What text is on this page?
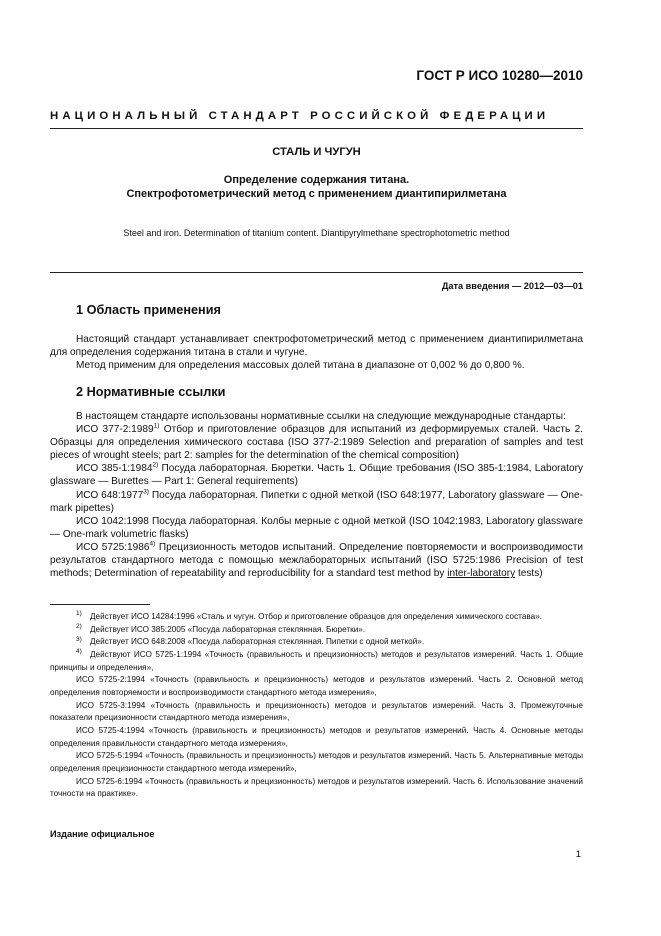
ГОСТ Р ИСО 10280—2010
НАЦИОНАЛЬНЫЙ СТАНДАРТ РОССИЙСКОЙ ФЕДЕРАЦИИ
СТАЛЬ И ЧУГУН
Определение содержания титана.
Спектрофотометрический метод с применением диантипирилметана
Steel and iron. Determination of titanium content. Diantipyrylmethane spectrophotometric method
Дата введения — 2012—03—01
1 Область применения

Настоящий стандарт устанавливает спектрофотометрический метод с применением диантипирилметана для определения содержания титана в стали и чугуне.

Метод применим для определения массовых долей титана в диапазоне от 0,002 % до 0,800 %.

2 Нормативные ссылки

В настоящем стандарте использованы нормативные ссылки на следующие международные стандарты:

ИСО 377-2:1989$^{1)}$ Отбор и приготовление образцов для испытаний из деформируемых сталей. Часть 2. Образцы для определения химического состава (ISO 377-2:1989 Selection and preparation of samples and test pieces of wrought steels; part 2: samples for the determination of the chemical composition)

ИСО 385-1:1984$^{2)}$ Посуда лабораторная. Бюретки. Часть 1. Общие требования (ISO 385-1:1984, Laboratory glassware — Burettes — Part 1: General requirements)

ИСО 648:1977$^{3)}$ Посуда лабораторная. Пипетки с одной меткой (ISO 648:1977, Laboratory glassware — One-mark pipettes)

ИСО 1042:1998 Посуда лабораторная. Колбы мерные с одной меткой (ISO 1042:1983, Laboratory glassware — One-mark volumetric flasks)

ИСО 5725:1986$^{4)}$ Прецизионность методов испытаний. Определение повторяемости и воспроизводимости результатов стандартного метода с помощью межлабораторных испытаний (ISO 5725:1986 Precision of test methods; Determination of repeatability and reproducibility for a standard test method by inter-laboratory tests)

$^{1)}$ Действует ИСО 14284:1996 «Сталь и чугун. Отбор и приготовление образцов для определения химического состава».

$^{2)}$ Действует ИСО 385:2005 «Посуда лабораторная стеклянная. Бюретки».

$^{3)}$ Действует ИСО 648:2008 «Посуда лабораторная стеклянная. Пипетки с одной меткой».

$^{4)}$ Действуют ИСО 5725-1:1994 «Точность (правильность и прецизионность) методов и результатов измерений. Часть 1. Общие принципы и определения»,

ИСО 5725-2:1994 «Точность (правильность и прецизионность) методов и результатов измерений. Часть 2. Основной метод определения повторяемости и воспроизводимости стандартного метода измерения»,

ИСО 5725-3:1994 «Точность (правильность и прецизионность) методов и результатов измерений. Часть 3. Промежуточные показатели прецизионности стандартного метода измерения»,

ИСО 5725-4:1994 «Точность (правильность и прецизионность) методов и результатов измерений. Часть 4. Основные методы определения правильности стандартного метода измерения»,

ИСО 5725-5:1994 «Точность (правильность и прецизионность) методов и результатов измерений. Часть 5. Альтернативные методы определения прецизионности стандартного метода измерений»,

ИСО 5725-6:1994 «Точность (правильность и прецизионность) методов и результатов измерений. Часть 6. Использование значений точности на практике».

Издание официальное
1
